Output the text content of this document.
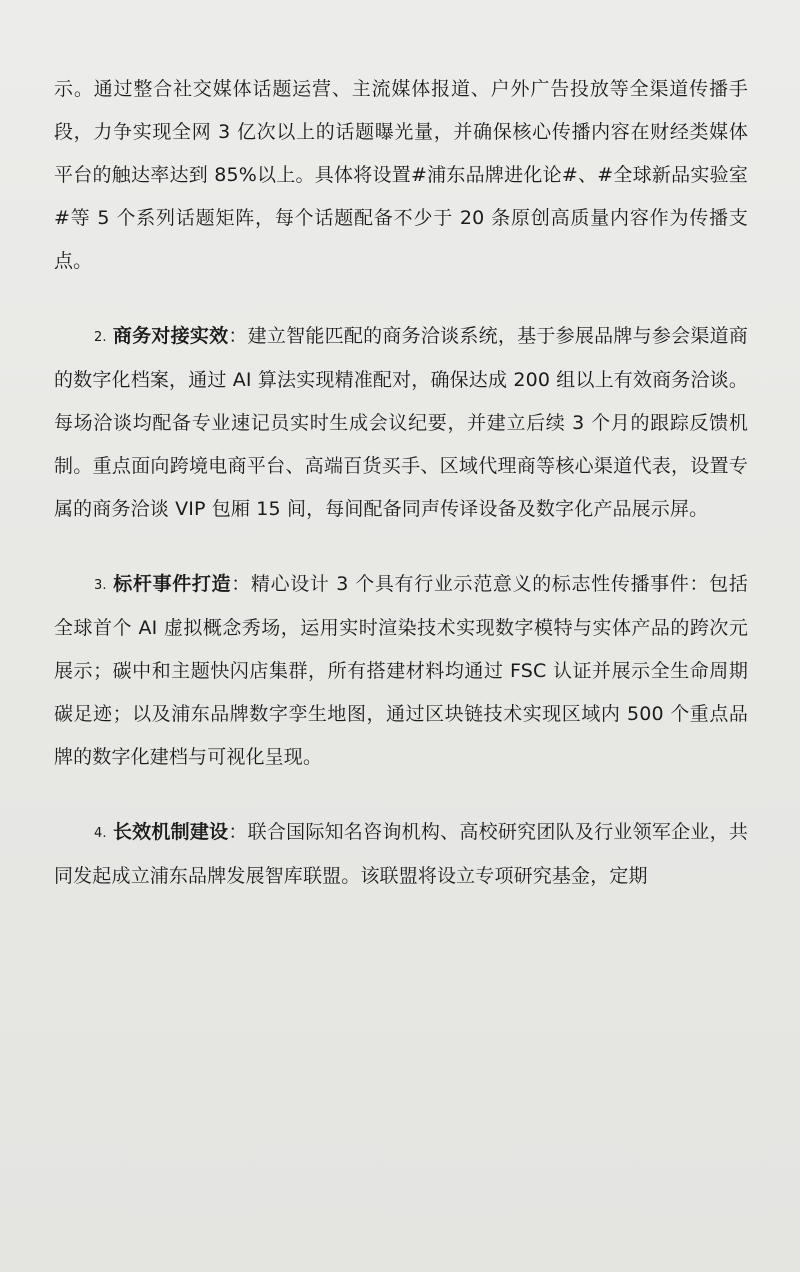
示。通过整合社交媒体话题运营、主流媒体报道、户外广告投放等全渠道传播手段，力争实现全网 3 亿次以上的话题曝光量，并确保核心传播内容在财经类媒体平台的触达率达到 85%以上。具体将设置#浦东品牌进化论#、#全球新品实验室#等 5 个系列话题矩阵，每个话题配备不少于 20 条原创高质量内容作为传播支点。

2. 商务对接实效：建立智能匹配的商务洽谈系统，基于参展品牌与参会渠道商的数字化档案，通过 AI 算法实现精准配对，确保达成 200 组以上有效商务洽谈。每场洽谈均配备专业速记员实时生成会议纪要，并建立后续 3 个月的跟踪反馈机制。重点面向跨境电商平台、高端百货买手、区域代理商等核心渠道代表，设置专属的商务洽谈 VIP 包厢 15 间，每间配备同声传译设备及数字化产品展示屏。

3. 标杆事件打造：精心设计 3 个具有行业示范意义的标志性传播事件：包括全球首个 AI 虚拟概念秀场，运用实时渲染技术实现数字模特与实体产品的跨次元展示；碳中和主题快闪店集群，所有搭建材料均通过 FSC 认证并展示全生命周期碳足迹；以及浦东品牌数字孪生地图，通过区块链技术实现区域内 500 个重点品牌的数字化建档与可视化呈现。

4. 长效机制建设：联合国际知名咨询机构、高校研究团队及行业领军企业，共同发起成立浦东品牌发展智库联盟。该联盟将设立专项研究基金，定期
